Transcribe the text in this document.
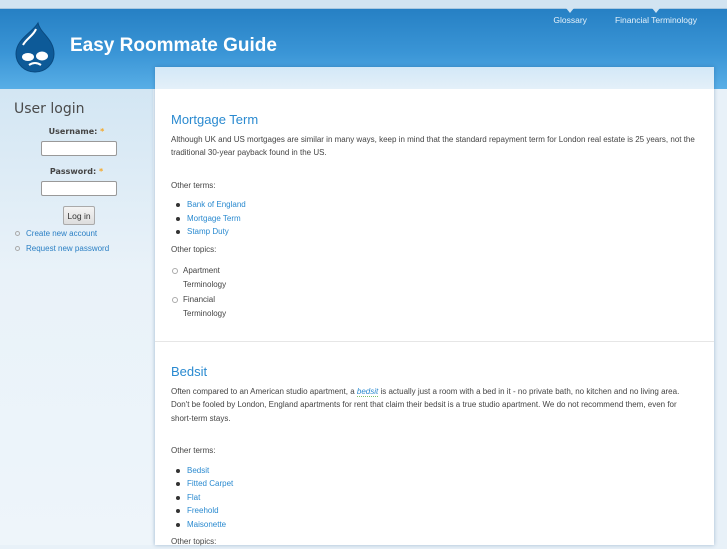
Easy Roommate Guide
Glossary	Financial Terminology
User login
Username: *
Password: *
Log in
Create new account
Request new password
Mortgage Term

Although UK and US mortgages are similar in many ways, keep in mind that the standard repayment term for London real estate is 25 years, not the traditional 30-year payback found in the US.

Other terms:

Bank of England
Mortgage Term
Stamp Duty

Other topics:

Apartment Terminology
Financial Terminology
Bedsit

Often compared to an American studio apartment, a bedsit is actually just a room with a bed in it - no private bath, no kitchen and no living area. Don't be fooled by London, England apartments for rent that claim their bedsit is a true studio apartment. We do not recommend them, even for short-term stays.

Other terms:

Bedsit
Fitted Carpet
Flat
Freehold
Maisonette

Other topics:
